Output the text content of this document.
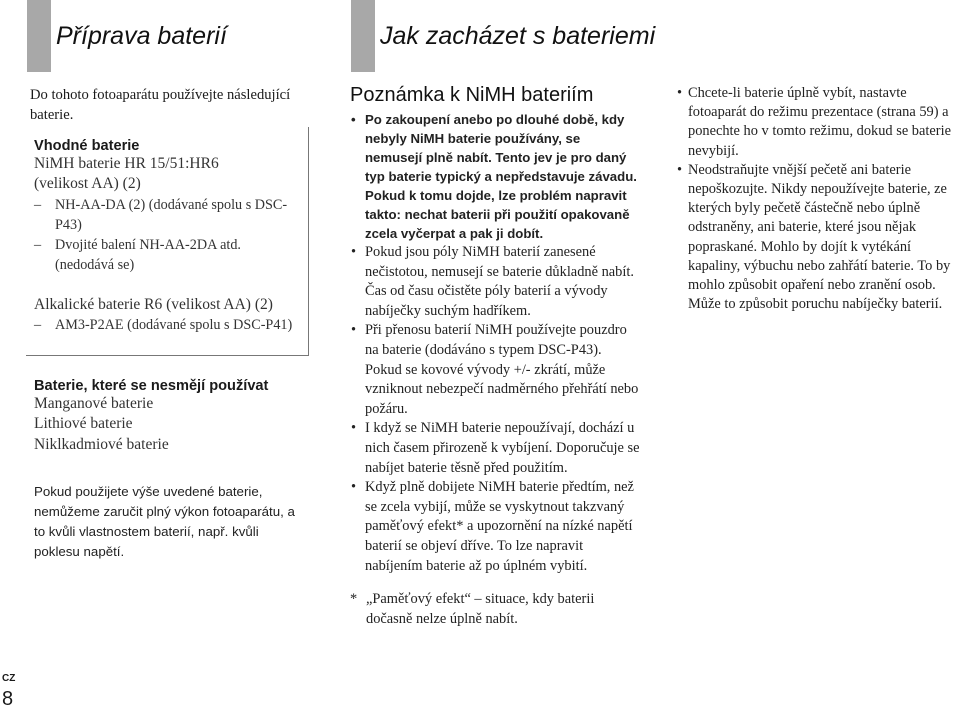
Příprava baterií	Jak zacházet s bateriemi
Do tohoto fotoaparátu používejte následující baterie.
Vhodné baterie
NiMH baterie HR 15/51:HR6
(velikost AA) (2)
– NH-AA-DA (2) (dodávané spolu s DSC-P43)
– Dvojité balení NH-AA-2DA atd.
(nedodává se)
Alkalické baterie R6 (velikost AA) (2)
– AM3-P2AE (dodávané spolu s DSC-P41)
Baterie, které se nesmějí používat
Manganové baterie
Lithiové baterie
Niklkadmiové baterie
Pokud použijete výše uvedené baterie, nemůžeme zaručit plný výkon fotoaparátu, a to kvůli vlastnostem baterií, např. kvůli poklesu napětí.
Poznámka k NiMH bateriím
• Po zakoupení anebo po dlouhé době, kdy nebyly NiMH baterie používány, se nemusejí plně nabít. Tento jev je pro daný typ baterie typický a nepředstavuje závadu. Pokud k tomu dojde, lze problém napravit takto: nechat baterii při použití opakovaně zcela vyčerpat a pak ji dobít.
• Pokud jsou póly NiMH baterií zanesené nečistotou, nemusejí se baterie důkladně nabít. Čas od času očistěte póly baterií a vývody nabíječky suchým hadříkem.
• Při přenosu baterií NiMH používejte pouzdro na baterie (dodáváno s typem DSC-P43). Pokud se kovové vývody +/- zkrátí, může vzniknout nebezpečí nadměrného přehřátí nebo požáru.
• I když se NiMH baterie nepoužívají, dochází u nich časem přirozeně k vybíjení. Doporučuje se nabíjet baterie těsně před použitím.
• Když plně dobijete NiMH baterie předtím, než se zcela vybijí, může se vyskytnout takzvaný paměťový efekt* a upozornění na nízké napětí baterií se objeví dříve. To lze napravit nabíjením baterie až po úplném vybití.
* „Paměťový efekt“ – situace, kdy baterii dočasně nelze úplně nabít.
• Chcete-li baterie úplně vybít, nastavte fotoaparát do režimu prezentace (strana 59) a ponechte ho v tomto režimu, dokud se baterie nevybijí.
• Neodstraňujte vnější pečetě ani baterie nepoškozujte. Nikdy nepoužívejte baterie, ze kterých byly pečetě částečně nebo úplně odstraněny, ani baterie, které jsou nějak popraskané. Mohlo by dojít k vytékání kapaliny, výbuchu nebo zahřátí baterie. To by mohlo způsobit opaření nebo zranění osob. Může to způsobit poruchu nabíječky baterií.
CZ
8
